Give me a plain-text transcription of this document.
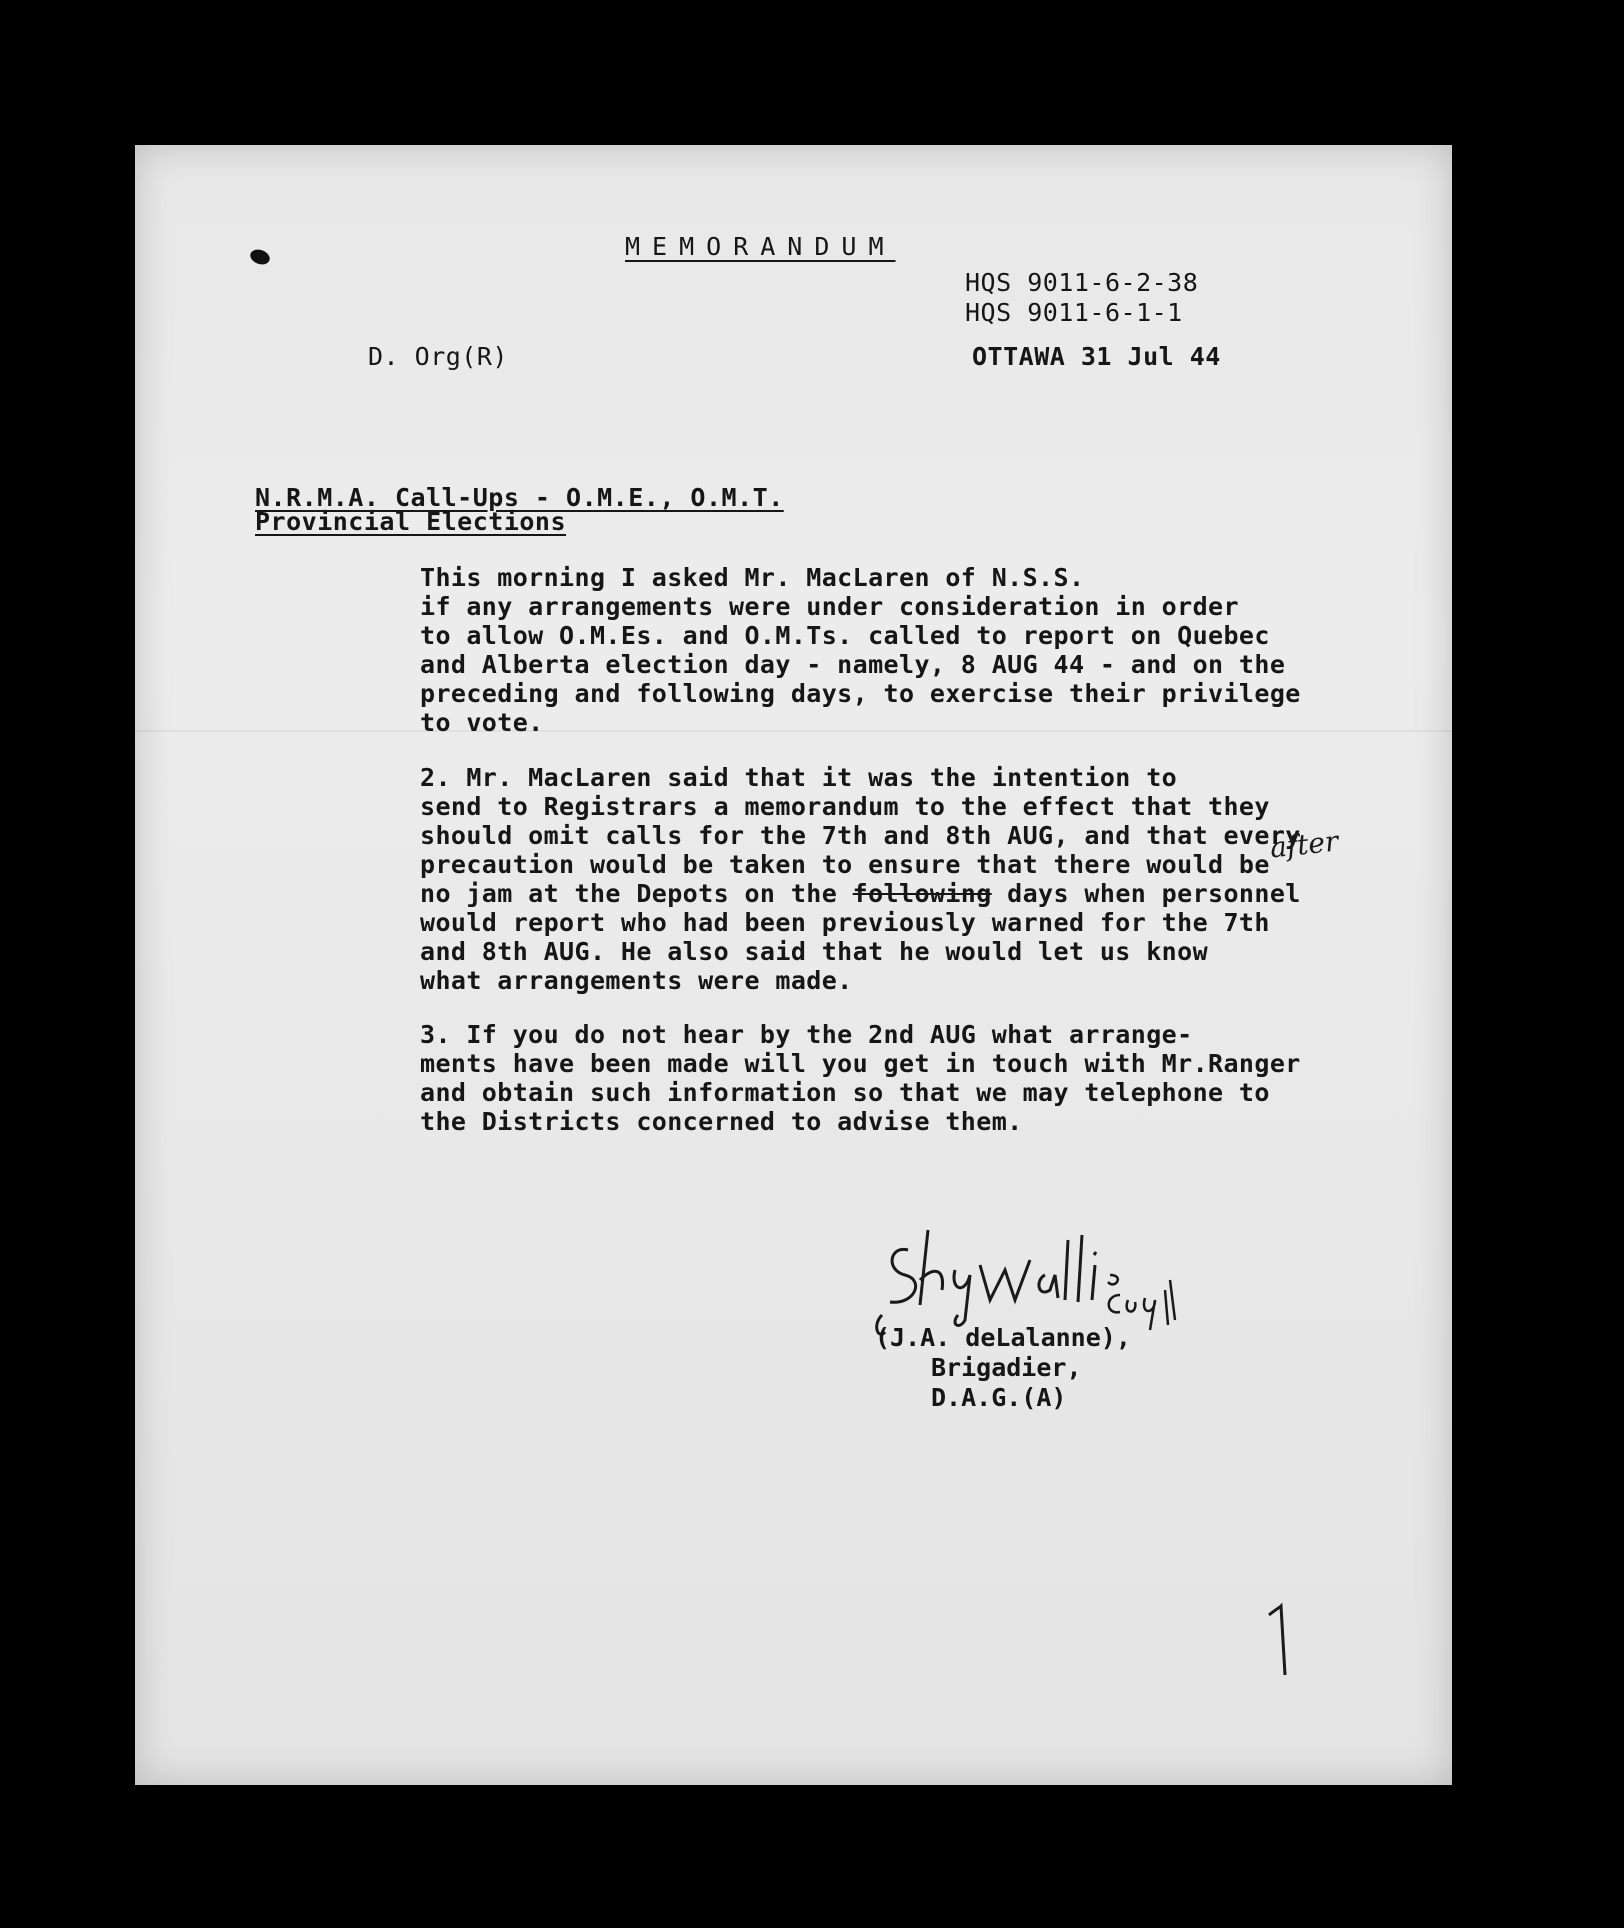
MEMORANDUM
HQS 9011-6-2-38
HQS 9011-6-1-1
D. Org(R)	OTTAWA 31 Jul 44
N.R.M.A. Call-Ups - O.M.E., O.M.T.
Provincial Elections
This morning I asked Mr. MacLaren of N.S.S.
if any arrangements were under consideration in order
to allow O.M.Es. and O.M.Ts. called to report on Quebec
and Alberta election day - namely, 8 AUG 44 - and on the
preceding and following days, to exercise their privilege
to vote.
2. Mr. MacLaren said that it was the intention to
send to Registrars a memorandum to the effect that they
should omit calls for the 7th and 8th AUG, and that every
precaution would be taken to ensure that there would be
no jam at the Depots on the following days when personnel
would report who had been previously warned for the 7th
and 8th AUG. He also said that he would let us know
what arrangements were made.
after
3. If you do not hear by the 2nd AUG what arrange-
ments have been made will you get in touch with Mr.Ranger
and obtain such information so that we may telephone to
the Districts concerned to advise them.
(J.A. deLalanne),
Brigadier,
D.A.G.(A)
